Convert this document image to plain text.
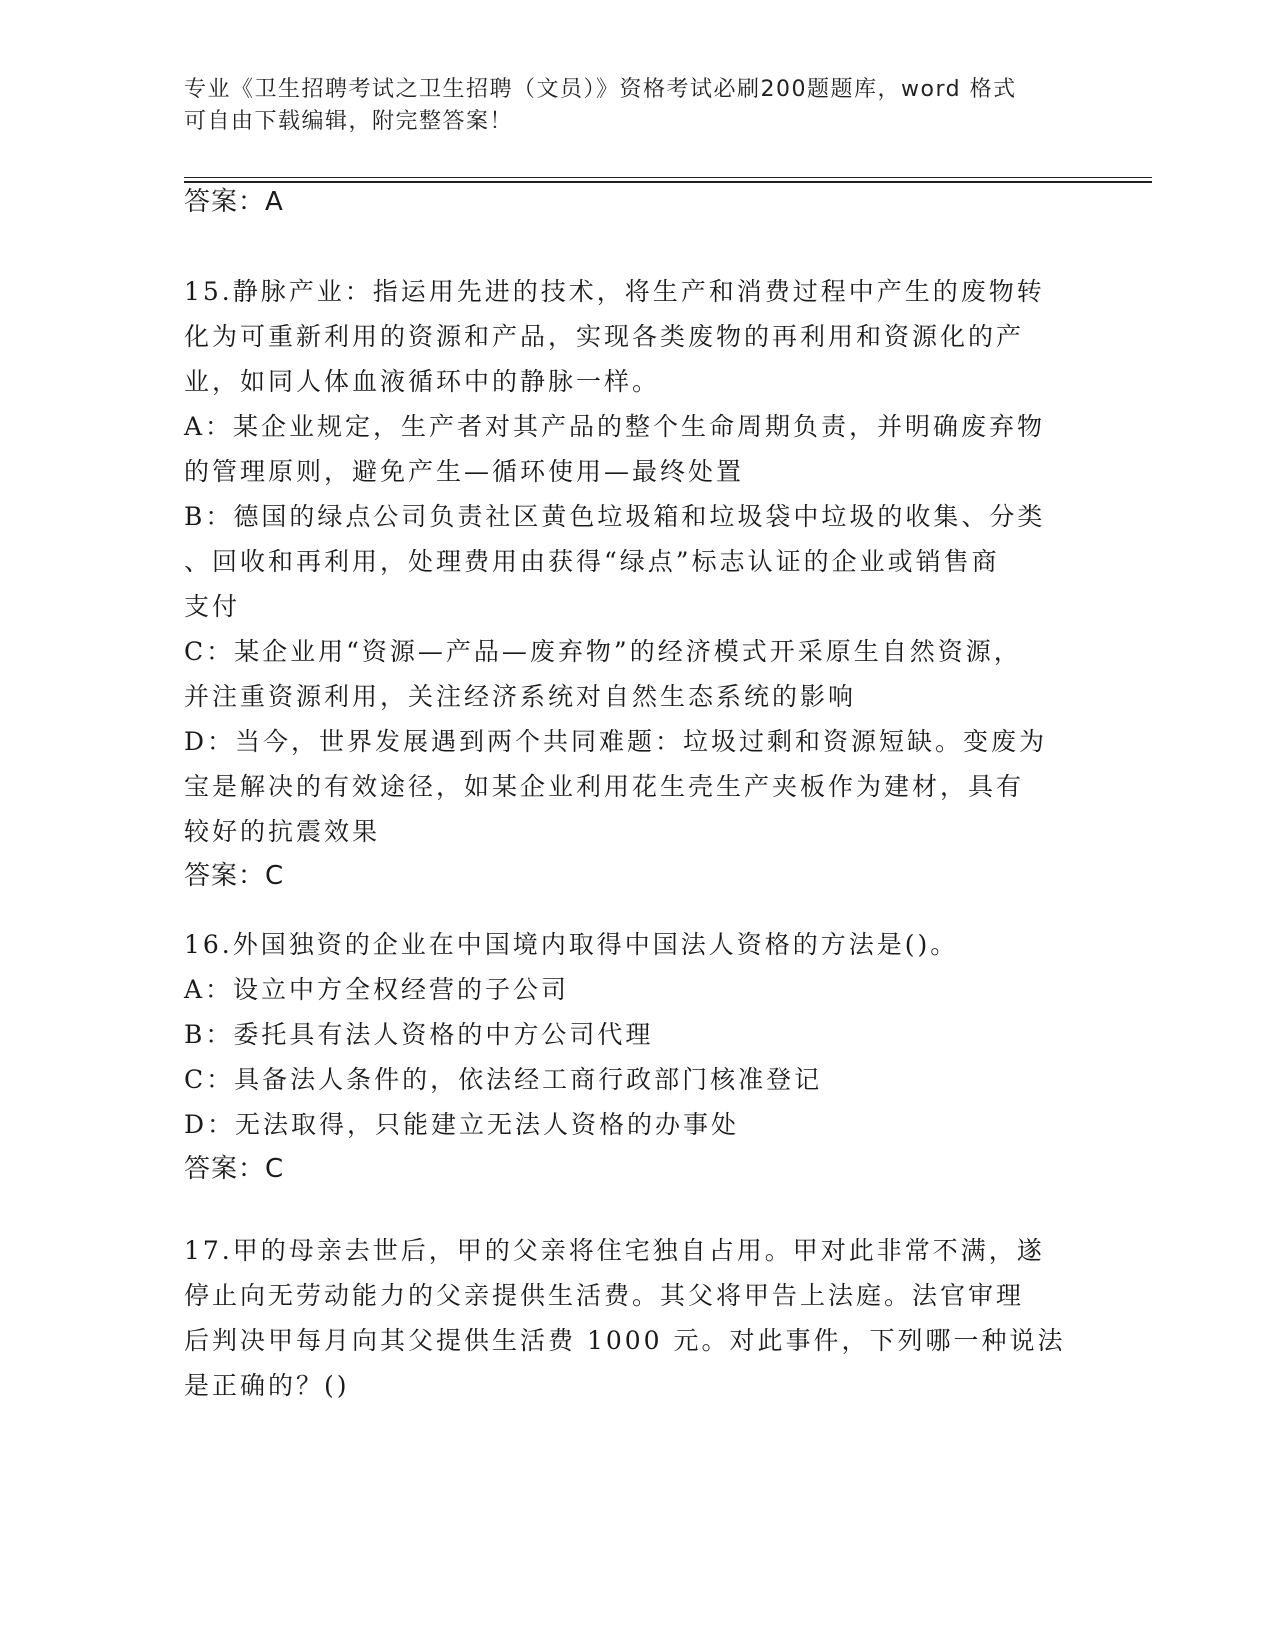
专业《卫生招聘考试之卫生招聘（文员）》资格考试必刷200题题库，word 格式
可自由下载编辑，附完整答案！
答案：A
15.静脉产业：指运用先进的技术，将生产和消费过程中产生的废物转
化为可重新利用的资源和产品，实现各类废物的再利用和资源化的产
业，如同人体血液循环中的静脉一样。
A：某企业规定，生产者对其产品的整个生命周期负责，并明确废弃物
的管理原则，避免产生—循环使用—最终处置
B：德国的绿点公司负责社区黄色垃圾箱和垃圾袋中垃圾的收集、分类
、回收和再利用，处理费用由获得“绿点”标志认证的企业或销售商
支付
C：某企业用“资源—产品—废弃物”的经济模式开采原生自然资源，
并注重资源利用，关注经济系统对自然生态系统的影响
D：当今，世界发展遇到两个共同难题：垃圾过剩和资源短缺。变废为
宝是解决的有效途径，如某企业利用花生壳生产夹板作为建材，具有
较好的抗震效果
答案：C
16.外国独资的企业在中国境内取得中国法人资格的方法是()。
A：设立中方全权经营的子公司
B：委托具有法人资格的中方公司代理
C：具备法人条件的，依法经工商行政部门核准登记
D：无法取得，只能建立无法人资格的办事处
答案：C
17.甲的母亲去世后，甲的父亲将住宅独自占用。甲对此非常不满，遂
停止向无劳动能力的父亲提供生活费。其父将甲告上法庭。法官审理
后判决甲每月向其父提供生活费 1000 元。对此事件，下列哪一种说法
是正确的？()
